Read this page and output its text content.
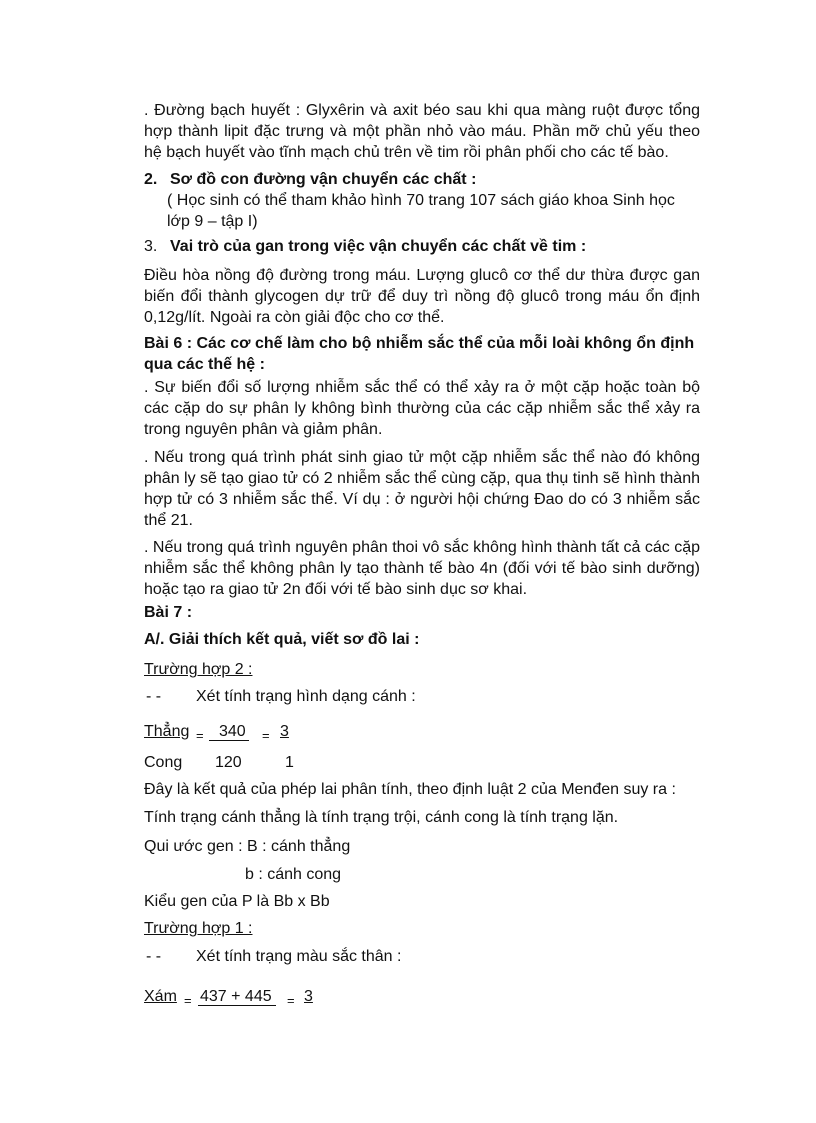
. Đường bạch huyết : Glyxêrin và axit béo sau khi qua màng ruột được tổng hợp thành lipit đặc trưng và một phần nhỏ vào máu. Phần mỡ chủ yếu theo hệ bạch huyết vào tĩnh mạch chủ trên về tim rồi phân phối cho các tế bào.

2. Sơ đồ con đường vận chuyển các chất :
( Học sinh có thể tham khảo hình 70 trang 107 sách giáo khoa Sinh học
lớp 9 – tập I)
3. Vai trò của gan trong việc vận chuyển các chất về tim :

Điều hòa nồng độ đường trong máu. Lượng glucô cơ thể dư thừa được gan biến đổi thành glycogen dự trữ để duy trì nồng độ glucô trong máu ổn định 0,12g/lít. Ngoài ra còn giải độc cho cơ thể.

Bài 6 : Các cơ chế làm cho bộ nhiễm sắc thể của mỗi loài không ổn định qua các thế hệ :

. Sự biến đổi số lượng nhiễm sắc thể có thể xảy ra ở một cặp hoặc toàn bộ các cặp do sự phân ly không bình thường của các cặp nhiễm sắc thể xảy ra trong nguyên phân và giảm phân.

. Nếu trong quá trình phát sinh giao tử một cặp nhiễm sắc thể nào đó không phân ly sẽ tạo giao tử có 2 nhiễm sắc thể cùng cặp, qua thụ tinh sẽ hình thành hợp tử có 3 nhiễm sắc thể. Ví dụ : ở người hội chứng Đao do có 3 nhiễm sắc thể 21.

. Nếu trong quá trình nguyên phân thoi vô sắc không hình thành tất cả các cặp nhiễm sắc thể không phân ly tạo thành tế bào 4n (đối với tế bào sinh dưỡng) hoặc tạo ra giao tử 2n đối với tế bào sinh dục sơ khai.

Bài 7 :
A/. Giải thích kết quả, viết sơ đồ lai :
Trường hợp 2 :
- - Xét tính trạng hình dạng cánh :
Thẳng = 340 = 3
Cong 120	1
Đây là kết quả của phép lai phân tính, theo định luật 2 của Menđen suy ra :
Tính trạng cánh thẳng là tính trạng trội, cánh cong là tính trạng lặn.
Qui ước gen : B : cánh thẳng
b : cánh cong
Kiểu gen của P là Bb x Bb
Trường hợp 1 :
- - Xét tính trạng màu sắc thân :
Xám = 437 + 445 = 3
